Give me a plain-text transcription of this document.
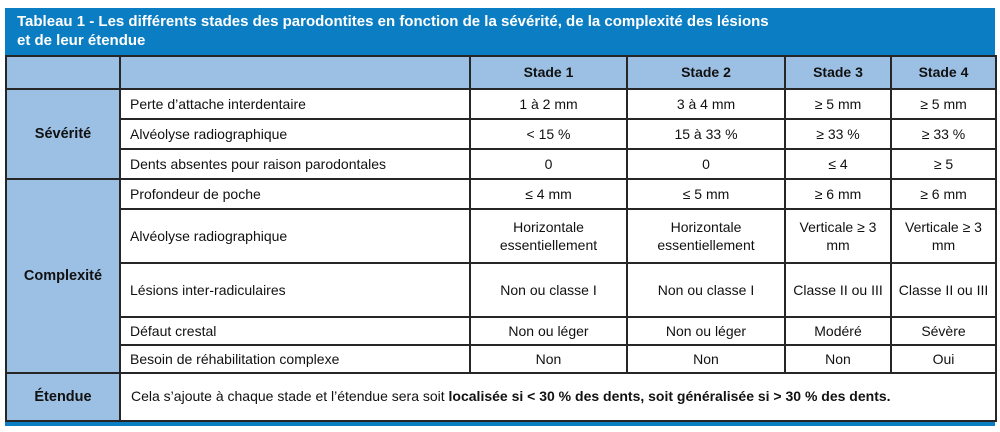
Tableau 1 - Les différents stades des parodontites en fonction de la sévérité, de la complexité des lésions
et de leur étendue
		Stade 1	Stade 2	Stade 3	Stade 4
Sévérité	Perte d’attache interdentaire	1 à 2 mm	3 à 4 mm	≥ 5 mm	≥ 5 mm
	Alvéolyse radiographique	< 15 %	15 à 33 %	≥ 33 %	≥ 33 %
	Dents absentes pour raison parodontales	0	0	≤ 4	≥ 5
Complexité	Profondeur de poche	≤ 4 mm	≤ 5 mm	≥ 6 mm	≥ 6 mm
	Alvéolyse radiographique	Horizontale essentiellement	Horizontale essentiellement	Verticale ≥ 3 mm	Verticale ≥ 3 mm
	Lésions inter-radiculaires	Non ou classe I	Non ou classe I	Classe II ou III	Classe II ou III
	Défaut crestal	Non ou léger	Non ou léger	Modéré	Sévère
	Besoin de réhabilitation complexe	Non	Non	Non	Oui
Étendue	Cela s’ajoute à chaque stade et l’étendue sera soit localisée si < 30 % des dents, soit généralisée si > 30 % des dents.				
